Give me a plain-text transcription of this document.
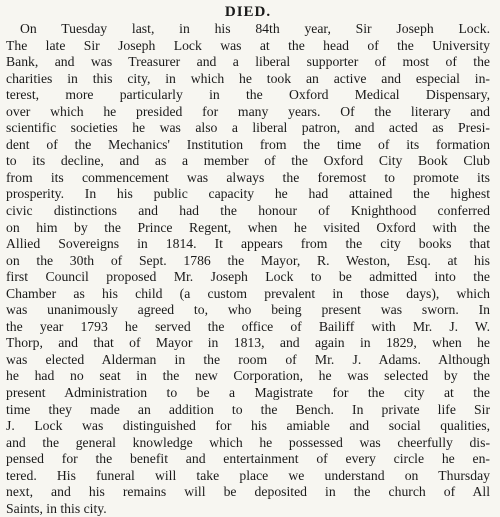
DIED.
On Tuesday last, in his 84th year, Sir Joseph Lock.
The late Sir Joseph Lock was at the head of the University
Bank, and was Treasurer and a liberal supporter of most of the
charities in this city, in which he took an active and especial in-
terest, more particularly in the Oxford Medical Dispensary,
over which he presided for many years. Of the literary and
scientific societies he was also a liberal patron, and acted as Presi-
dent of the Mechanics' Institution from the time of its formation
to its decline, and as a member of the Oxford City Book Club
from its commencement was always the foremost to promote its
prosperity. In his public capacity he had attained the highest
civic distinctions and had the honour of Knighthood conferred
on him by the Prince Regent, when he visited Oxford with the
Allied Sovereigns in 1814. It appears from the city books that
on the 30th of Sept. 1786 the Mayor, R. Weston, Esq. at his
first Council proposed Mr. Joseph Lock to be admitted into the
Chamber as his child (a custom prevalent in those days), which
was unanimously agreed to, who being present was sworn. In
the year 1793 he served the office of Bailiff with Mr. J. W.
Thorp, and that of Mayor in 1813, and again in 1829, when he
was elected Alderman in the room of Mr. J. Adams. Although
he had no seat in the new Corporation, he was selected by the
present Administration to be a Magistrate for the city at the
time they made an addition to the Bench. In private life Sir
J. Lock was distinguished for his amiable and social qualities,
and the general knowledge which he possessed was cheerfully dis-
pensed for the benefit and entertainment of every circle he en-
tered. His funeral will take place we understand on Thursday
next, and his remains will be deposited in the church of All
Saints, in this city.
